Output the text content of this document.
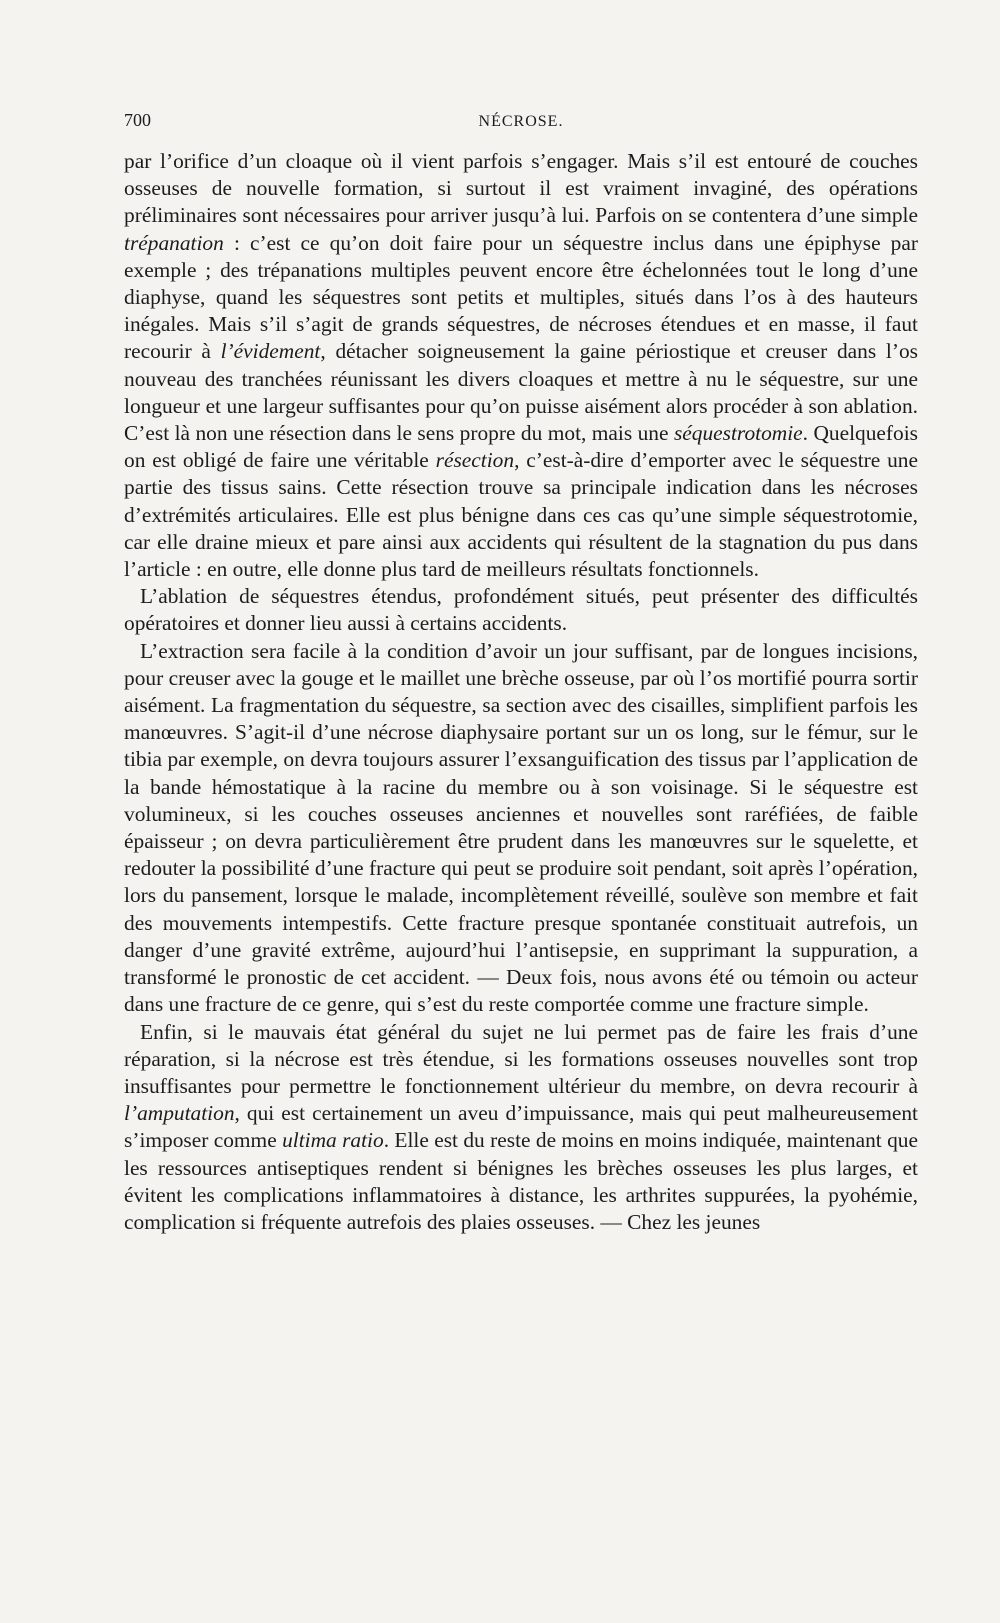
700	NÉCROSE.

par l’orifice d’un cloaque où il vient parfois s’engager. Mais s’il est entouré de couches osseuses de nouvelle formation, si surtout il est vraiment invaginé, des opérations préliminaires sont nécessaires pour arriver jusqu’à lui. Parfois on se contentera d’une simple trépanation : c’est ce qu’on doit faire pour un séquestre inclus dans une épiphyse par exemple ; des trépanations multiples peuvent encore être échelonnées tout le long d’une diaphyse, quand les séquestres sont petits et multiples, situés dans l’os à des hauteurs inégales. Mais s’il s’agit de grands séquestres, de nécroses étendues et en masse, il faut recourir à l’évidement, détacher soigneusement la gaine périostique et creuser dans l’os nouveau des tranchées réunissant les divers cloaques et mettre à nu le séquestre, sur une longueur et une largeur suffisantes pour qu’on puisse aisément alors procéder à son ablation. C’est là non une résection dans le sens propre du mot, mais une séquestrotomie. Quelquefois on est obligé de faire une véritable résection, c’est-à-dire d’emporter avec le séquestre une partie des tissus sains. Cette résection trouve sa principale indication dans les nécroses d’extrémités articulaires. Elle est plus bénigne dans ces cas qu’une simple séquestrotomie, car elle draine mieux et pare ainsi aux accidents qui résultent de la stagnation du pus dans l’article : en outre, elle donne plus tard de meilleurs résultats fonctionnels.

L’ablation de séquestres étendus, profondément situés, peut présenter des difficultés opératoires et donner lieu aussi à certains accidents.

L’extraction sera facile à la condition d’avoir un jour suffisant, par de longues incisions, pour creuser avec la gouge et le maillet une brèche osseuse, par où l’os mortifié pourra sortir aisément. La fragmentation du séquestre, sa section avec des cisailles, simplifient parfois les manœuvres. S’agit-il d’une nécrose diaphysaire portant sur un os long, sur le fémur, sur le tibia par exemple, on devra toujours assurer l’exsanguification des tissus par l’application de la bande hémostatique à la racine du membre ou à son voisinage. Si le séquestre est volumineux, si les couches osseuses anciennes et nouvelles sont raréfiées, de faible épaisseur ; on devra particulièrement être prudent dans les manœuvres sur le squelette, et redouter la possibilité d’une fracture qui peut se produire soit pendant, soit après l’opération, lors du pansement, lorsque le malade, incomplètement réveillé, soulève son membre et fait des mouvements intempestifs. Cette fracture presque spontanée constituait autrefois, un danger d’une gravité extrême, aujourd’hui l’antisepsie, en supprimant la suppuration, a transformé le pronostic de cet accident. — Deux fois, nous avons été ou témoin ou acteur dans une fracture de ce genre, qui s’est du reste comportée comme une fracture simple.

Enfin, si le mauvais état général du sujet ne lui permet pas de faire les frais d’une réparation, si la nécrose est très étendue, si les formations osseuses nouvelles sont trop insuffisantes pour permettre le fonctionnement ultérieur du membre, on devra recourir à l’amputation, qui est certainement un aveu d’impuissance, mais qui peut malheureusement s’imposer comme ultima ratio. Elle est du reste de moins en moins indiquée, maintenant que les ressources antiseptiques rendent si bénignes les brèches osseuses les plus larges, et évitent les complications inflammatoires à distance, les arthrites suppurées, la pyohémie, complication si fréquente autrefois des plaies osseuses. — Chez les jeunes
